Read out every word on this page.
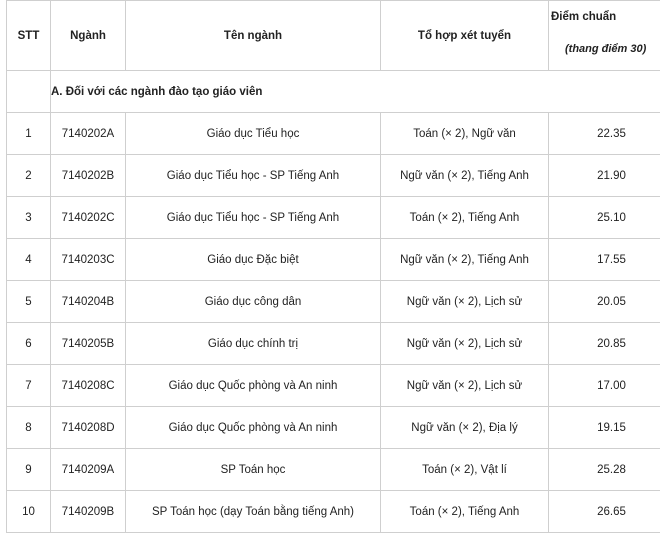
STT	Ngành	Tên ngành	Tổ hợp xét tuyển	Điểm chuẩn
(thang điểm 30)

	A. Đối với các ngành đào tạo giáo viên			
1	7140202A	Giáo dục Tiểu học	Toán (× 2), Ngữ văn	22.35
2	7140202B	Giáo dục Tiểu học - SP Tiếng Anh	Ngữ văn (× 2), Tiếng Anh	21.90
3	7140202C	Giáo dục Tiểu học - SP Tiếng Anh	Toán (× 2), Tiếng Anh	25.10
4	7140203C	Giáo dục Đặc biệt	Ngữ văn (× 2), Tiếng Anh	17.55
5	7140204B	Giáo dục công dân	Ngữ văn (× 2), Lịch sử	20.05
6	7140205B	Giáo dục chính trị	Ngữ văn (× 2), Lịch sử	20.85
7	7140208C	Giáo dục Quốc phòng và An ninh	Ngữ văn (× 2), Lịch sử	17.00
8	7140208D	Giáo dục Quốc phòng và An ninh	Ngữ văn (× 2), Địa lý	19.15
9	7140209A	SP Toán học	Toán (× 2), Vật lí	25.28
10	7140209B	SP Toán học (dạy Toán bằng tiếng Anh)	Toán (× 2), Tiếng Anh	26.65
